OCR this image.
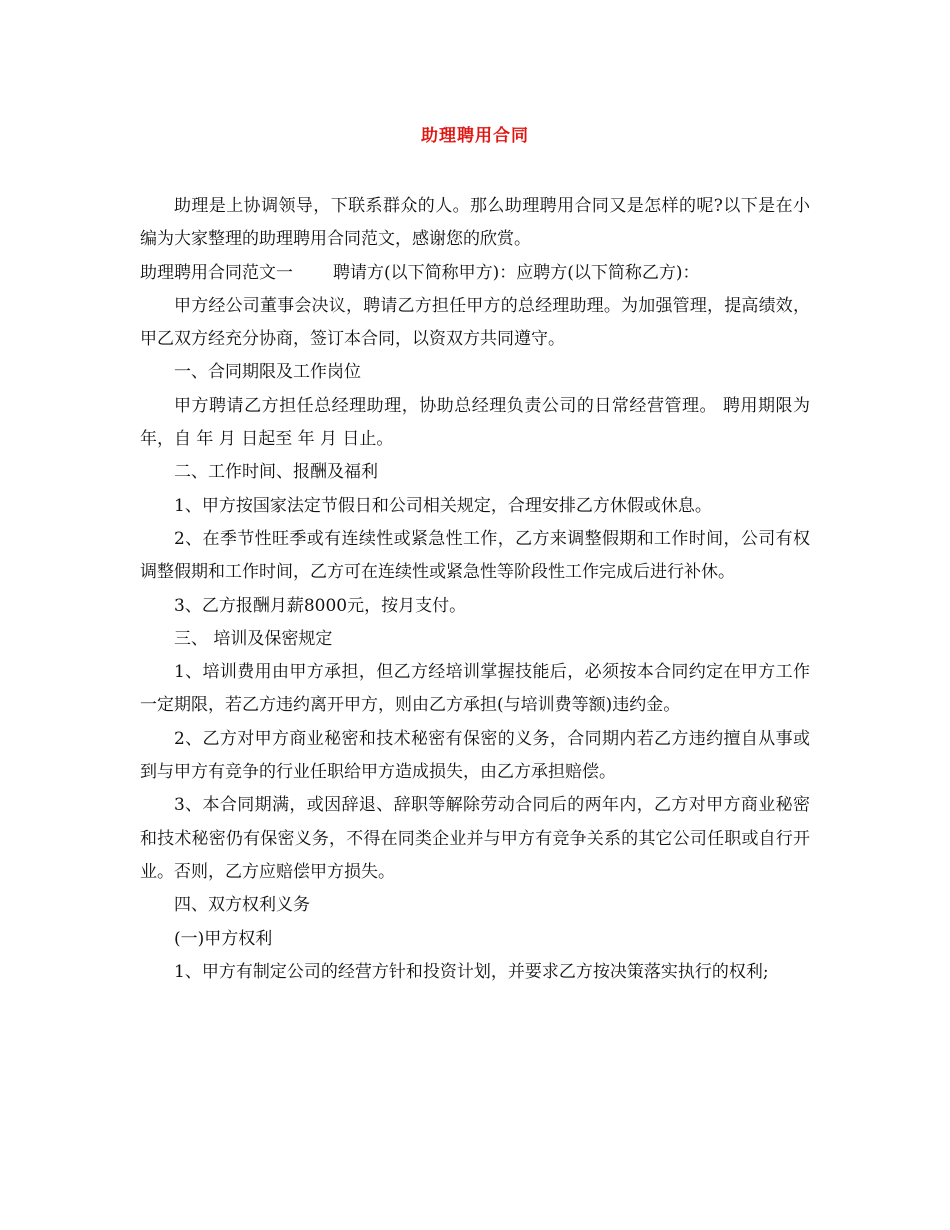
助理聘用合同

助理是上协调领导，下联系群众的人。那么助理聘用合同又是怎样的呢?以下是在小编为大家整理的助理聘用合同范文，感谢您的欣赏。

助理聘用合同范文一 聘请方(以下简称甲方)：应聘方(以下简称乙方)：

甲方经公司董事会决议，聘请乙方担任甲方的总经理助理。为加强管理，提高绩效，甲乙双方经充分协商，签订本合同，以资双方共同遵守。

一、合同期限及工作岗位

甲方聘请乙方担任总经理助理，协助总经理负责公司的日常经营管理。 聘用期限为 年，自 年 月 日起至 年 月 日止。

二、工作时间、报酬及福利

1、甲方按国家法定节假日和公司相关规定，合理安排乙方休假或休息。

2、在季节性旺季或有连续性或紧急性工作，乙方来调整假期和工作时间，公司有权调整假期和工作时间，乙方可在连续性或紧急性等阶段性工作完成后进行补休。

3、乙方报酬月薪8000元，按月支付。

三、 培训及保密规定

1、培训费用由甲方承担，但乙方经培训掌握技能后，必须按本合同约定在甲方工作一定期限，若乙方违约离开甲方，则由乙方承担(与培训费等额)违约金。

2、乙方对甲方商业秘密和技术秘密有保密的义务，合同期内若乙方违约擅自从事或到与甲方有竞争的行业任职给甲方造成损失，由乙方承担赔偿。

3、本合同期满，或因辞退、辞职等解除劳动合同后的两年内，乙方对甲方商业秘密和技术秘密仍有保密义务，不得在同类企业并与甲方有竞争关系的其它公司任职或自行开业。否则，乙方应赔偿甲方损失。

四、双方权利义务

(一)甲方权利

1、甲方有制定公司的经营方针和投资计划，并要求乙方按决策落实执行的权利;
